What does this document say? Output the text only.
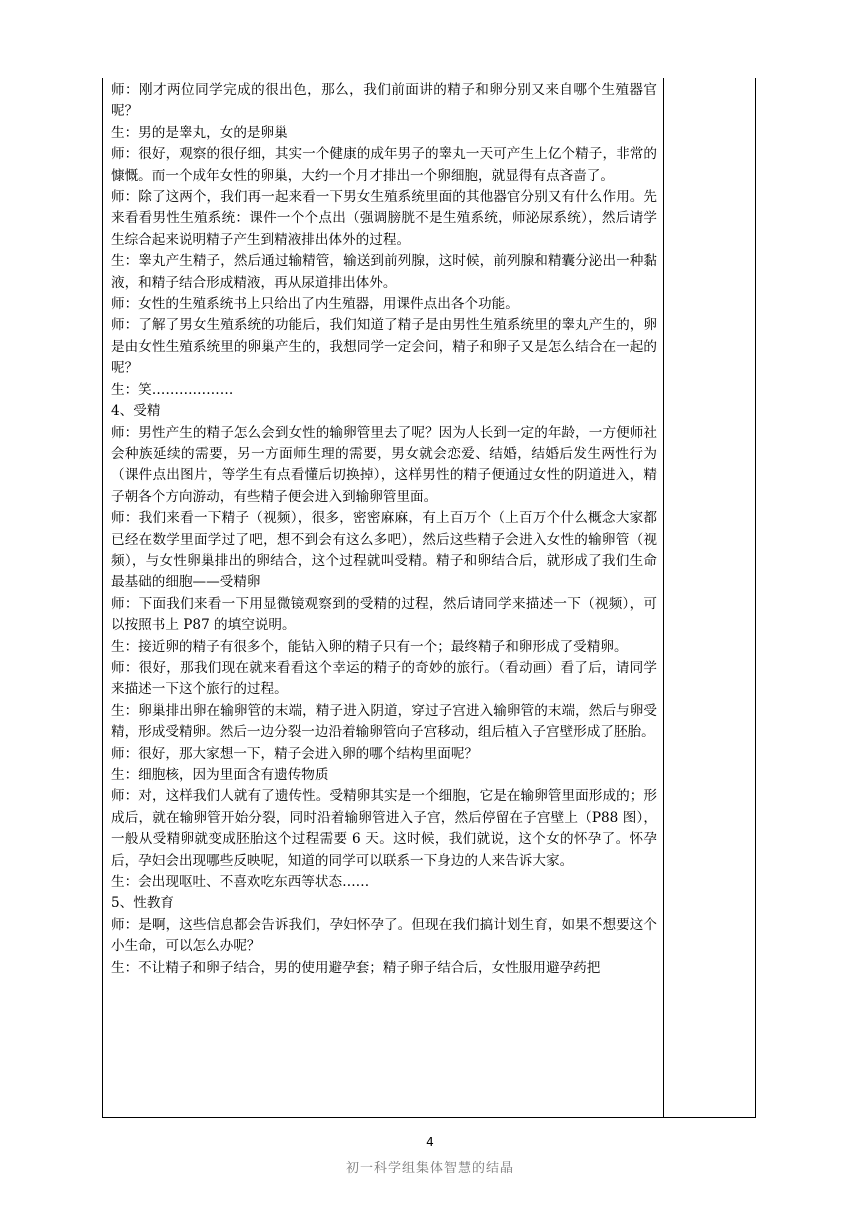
师：刚才两位同学完成的很出色，那么，我们前面讲的精子和卵分别又来自哪个生殖器官呢？

生：男的是睾丸，女的是卵巢

师：很好，观察的很仔细，其实一个健康的成年男子的睾丸一天可产生上亿个精子，非常的慷慨。而一个成年女性的卵巢，大约一个月才排出一个卵细胞，就显得有点吝啬了。

师：除了这两个，我们再一起来看一下男女生殖系统里面的其他器官分别又有什么作用。先来看看男性生殖系统：课件一个个点出（强调膀胱不是生殖系统，师泌尿系统），然后请学生综合起来说明精子产生到精液排出体外的过程。

生：睾丸产生精子，然后通过输精管，输送到前列腺，这时候，前列腺和精囊分泌出一种黏液，和精子结合形成精液，再从尿道排出体外。

师：女性的生殖系统书上只给出了内生殖器，用课件点出各个功能。

师：了解了男女生殖系统的功能后，我们知道了精子是由男性生殖系统里的睾丸产生的，卵是由女性生殖系统里的卵巢产生的，我想同学一定会问，精子和卵子又是怎么结合在一起的呢？

生：笑………………

4、受精

师：男性产生的精子怎么会到女性的输卵管里去了呢？因为人长到一定的年龄，一方便师社会种族延续的需要，另一方面师生理的需要，男女就会恋爱、结婚，结婚后发生两性行为（课件点出图片，等学生有点看懂后切换掉），这样男性的精子便通过女性的阴道进入，精子朝各个方向游动，有些精子便会进入到输卵管里面。

师：我们来看一下精子（视频），很多，密密麻麻，有上百万个（上百万个什么概念大家都已经在数学里面学过了吧，想不到会有这么多吧），然后这些精子会进入女性的输卵管（视频），与女性卵巢排出的卵结合，这个过程就叫受精。精子和卵结合后，就形成了我们生命最基础的细胞——受精卵

师：下面我们来看一下用显微镜观察到的受精的过程，然后请同学来描述一下（视频），可以按照书上 P87 的填空说明。

生：接近卵的精子有很多个，能钻入卵的精子只有一个；最终精子和卵形成了受精卵。

师：很好，那我们现在就来看看这个幸运的精子的奇妙的旅行。（看动画）看了后，请同学来描述一下这个旅行的过程。

生：卵巢排出卵在输卵管的末端，精子进入阴道，穿过子宫进入输卵管的末端，然后与卵受精，形成受精卵。然后一边分裂一边沿着输卵管向子宫移动，组后植入子宫壁形成了胚胎。

师：很好，那大家想一下，精子会进入卵的哪个结构里面呢？

生：细胞核，因为里面含有遗传物质

师：对，这样我们人就有了遗传性。受精卵其实是一个细胞，它是在输卵管里面形成的；形成后，就在输卵管开始分裂，同时沿着输卵管进入子宫，然后停留在子宫壁上（P88 图），一般从受精卵就变成胚胎这个过程需要 6 天。这时候，我们就说，这个女的怀孕了。怀孕后，孕妇会出现哪些反映呢，知道的同学可以联系一下身边的人来告诉大家。

生：会出现呕吐、不喜欢吃东西等状态……

5、性教育

师：是啊，这些信息都会告诉我们，孕妇怀孕了。但现在我们搞计划生育，如果不想要这个小生命，可以怎么办呢？

生：不让精子和卵子结合，男的使用避孕套；精子卵子结合后，女性服用避孕药把

4
初一科学组集体智慧的结晶
